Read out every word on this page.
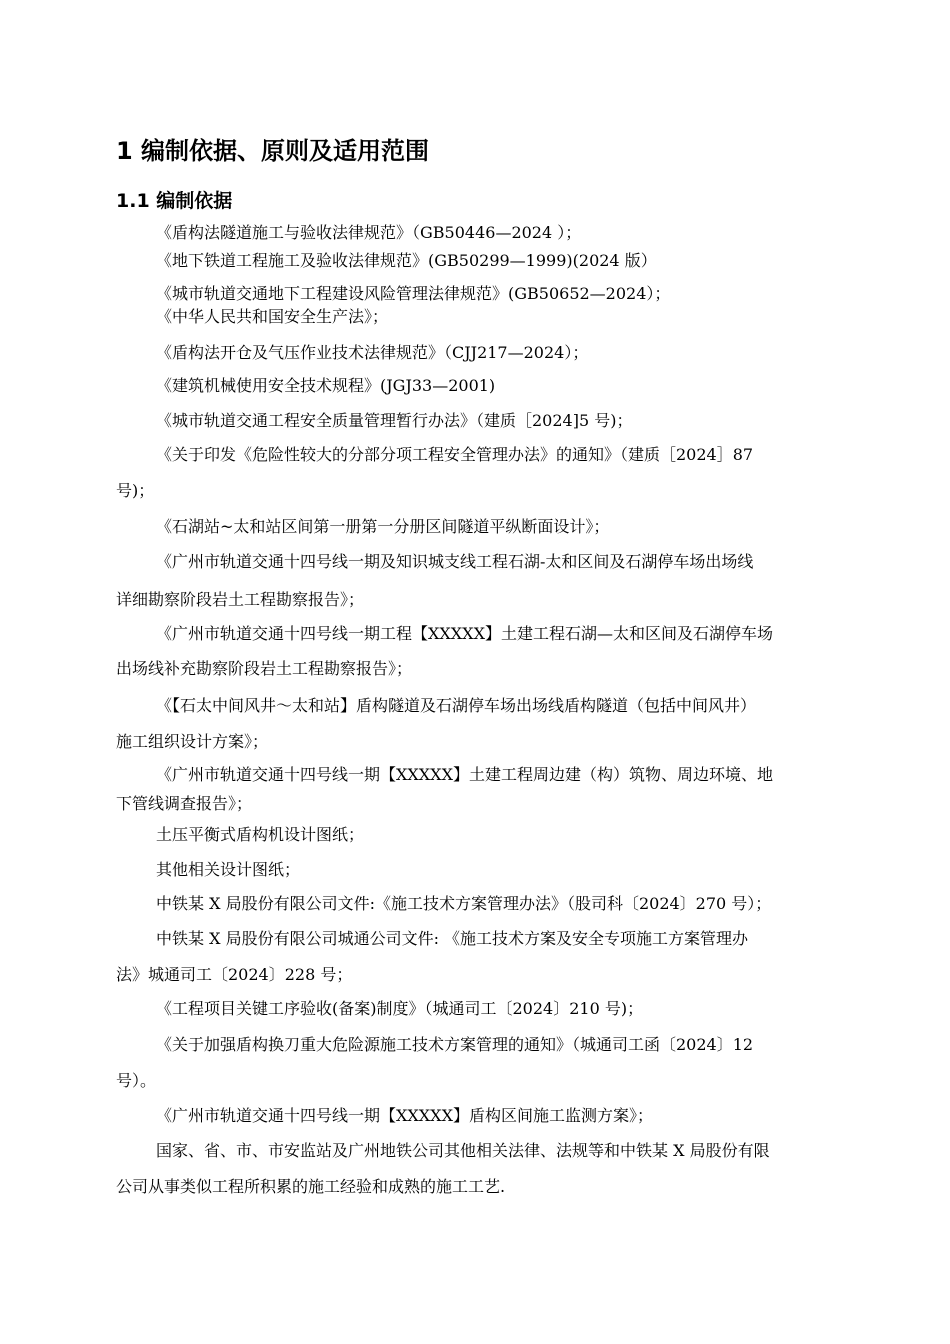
1 编制依据、原则及适用范围
1.1 编制依据
《盾构法隧道施工与验收法律规范》（GB50446—2024 ）；
《地下铁道工程施工及验收法律规范》(GB50299—1999)(2024 版）
《城市轨道交通地下工程建设风险管理法律规范》(GB50652—2024）；
《中华人民共和国安全生产法》；
《盾构法开仓及气压作业技术法律规范》（CJJ217—2024）；
《建筑机械使用安全技术规程》(JGJ33—2001)
《城市轨道交通工程安全质量管理暂行办法》（建质［2024]5 号)；
《关于印发《危险性较大的分部分项工程安全管理办法》的通知》（建质［2024］87
号)；
《石湖站~太和站区间第一册第一分册区间隧道平纵断面设计》；
《广州市轨道交通十四号线一期及知识城支线工程石湖-太和区间及石湖停车场出场线
详细勘察阶段岩土工程勘察报告》；
《广州市轨道交通十四号线一期工程【XXXXX】土建工程石湖—太和区间及石湖停车场
出场线补充勘察阶段岩土工程勘察报告》；
《【石太中间风井～太和站】盾构隧道及石湖停车场出场线盾构隧道（包括中间风井）
施工组织设计方案》；
《广州市轨道交通十四号线一期【XXXXX】土建工程周边建（构）筑物、周边环境、地
下管线调查报告》；
土压平衡式盾构机设计图纸；
其他相关设计图纸；
中铁某 X 局股份有限公司文件:《施工技术方案管理办法》（股司科〔2024〕270 号）；
中铁某 X 局股份有限公司城通公司文件: 《施工技术方案及安全专项施工方案管理办
法》城通司工〔2024〕228 号；
《工程项目关键工序验收(备案)制度》（城通司工〔2024〕210 号)；
《关于加强盾构换刀重大危险源施工技术方案管理的通知》（城通司工函〔2024〕12
号）。
《广州市轨道交通十四号线一期【XXXXX】盾构区间施工监测方案》；
国家、省、市、市安监站及广州地铁公司其他相关法律、法规等和中铁某 X 局股份有限
公司从事类似工程所积累的施工经验和成熟的施工工艺.
